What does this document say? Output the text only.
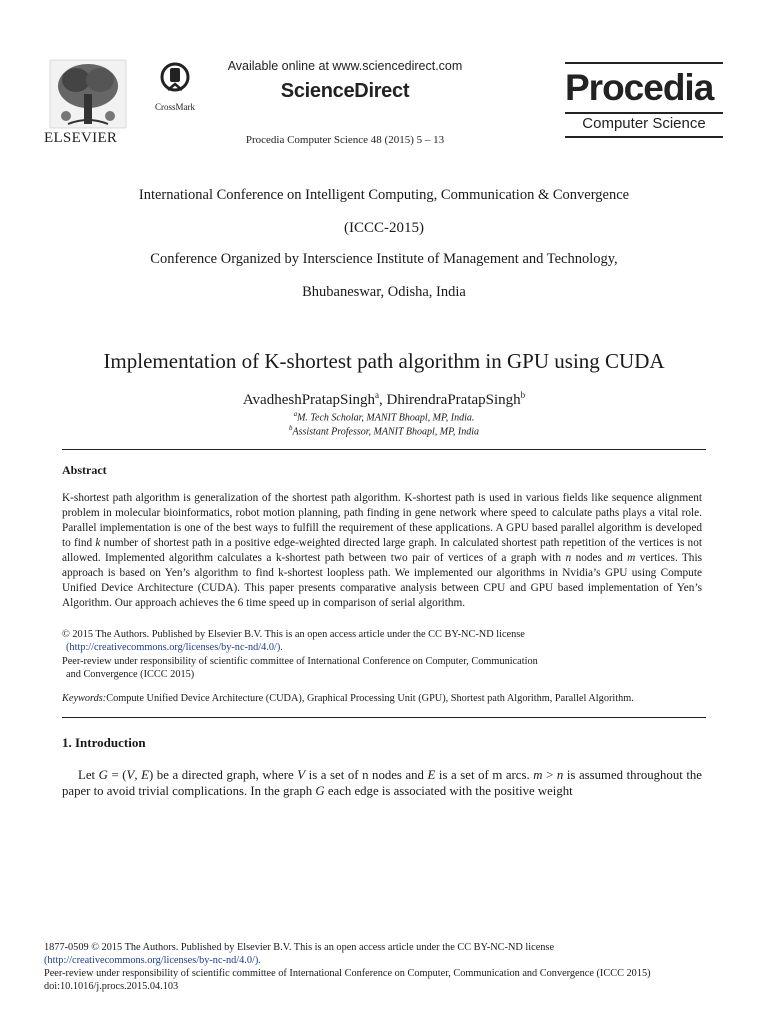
ELSEVIER
CrossMark
Available online at www.sciencedirect.com
ScienceDirect
Procedia Computer Science 48 (2015) 5 – 13
Procedia
Computer Science
International Conference on Intelligent Computing, Communication & Convergence
(ICCC-2015)
Conference Organized by Interscience Institute of Management and Technology,
Bhubaneswar, Odisha, India
Implementation of K-shortest path algorithm in GPU using CUDA
AvadheshPratapSingh$^a$, DhirendraPratapSingh$^b$
$^a$M. Tech Scholar, MANIT Bhoapl, MP, India.
$^b$Assistant Professor, MANIT Bhoapl, MP, India
Abstract
K-shortest path algorithm is generalization of the shortest path algorithm. K-shortest path is used in various fields like sequence alignment problem in molecular bioinformatics, robot motion planning, path finding in gene network where speed to calculate paths plays a vital role. Parallel implementation is one of the best ways to fulfill the requirement of these applications. A GPU based parallel algorithm is developed to find k number of shortest path in a positive edge-weighted directed large graph. In calculated shortest path repetition of the vertices is not allowed. Implemented algorithm calculates a k-shortest path between two pair of vertices of a graph with n nodes and m vertices. This approach is based on Yen’s algorithm to find k-shortest loopless path. We implemented our algorithms in Nvidia’s GPU using Compute Unified Device Architecture (CUDA). This paper presents comparative analysis between CPU and GPU based implementation of Yen’s Algorithm. Our approach achieves the 6 time speed up in comparison of serial algorithm.
© 2015 The Authors. Published by Elsevier B.V. This is an open access article under the CC BY-NC-ND license
(http://creativecommons.org/licenses/by-nc-nd/4.0/).
Peer-review under responsibility of scientific committee of International Conference on Computer, Communication
and Convergence (ICCC 2015)
Keywords:Compute Unified Device Architecture (CUDA), Graphical Processing Unit (GPU), Shortest path Algorithm, Parallel Algorithm.
1. Introduction
Let G = (V, E) be a directed graph, where V is a set of n nodes and E is a set of m arcs. m > n is assumed throughout the paper to avoid trivial complications. In the graph G each edge is associated with the positive weight
1877-0509 © 2015 The Authors. Published by Elsevier B.V. This is an open access article under the CC BY-NC-ND license
(http://creativecommons.org/licenses/by-nc-nd/4.0/).
Peer-review under responsibility of scientific committee of International Conference on Computer, Communication and Convergence (ICCC 2015)
doi:10.1016/j.procs.2015.04.103
